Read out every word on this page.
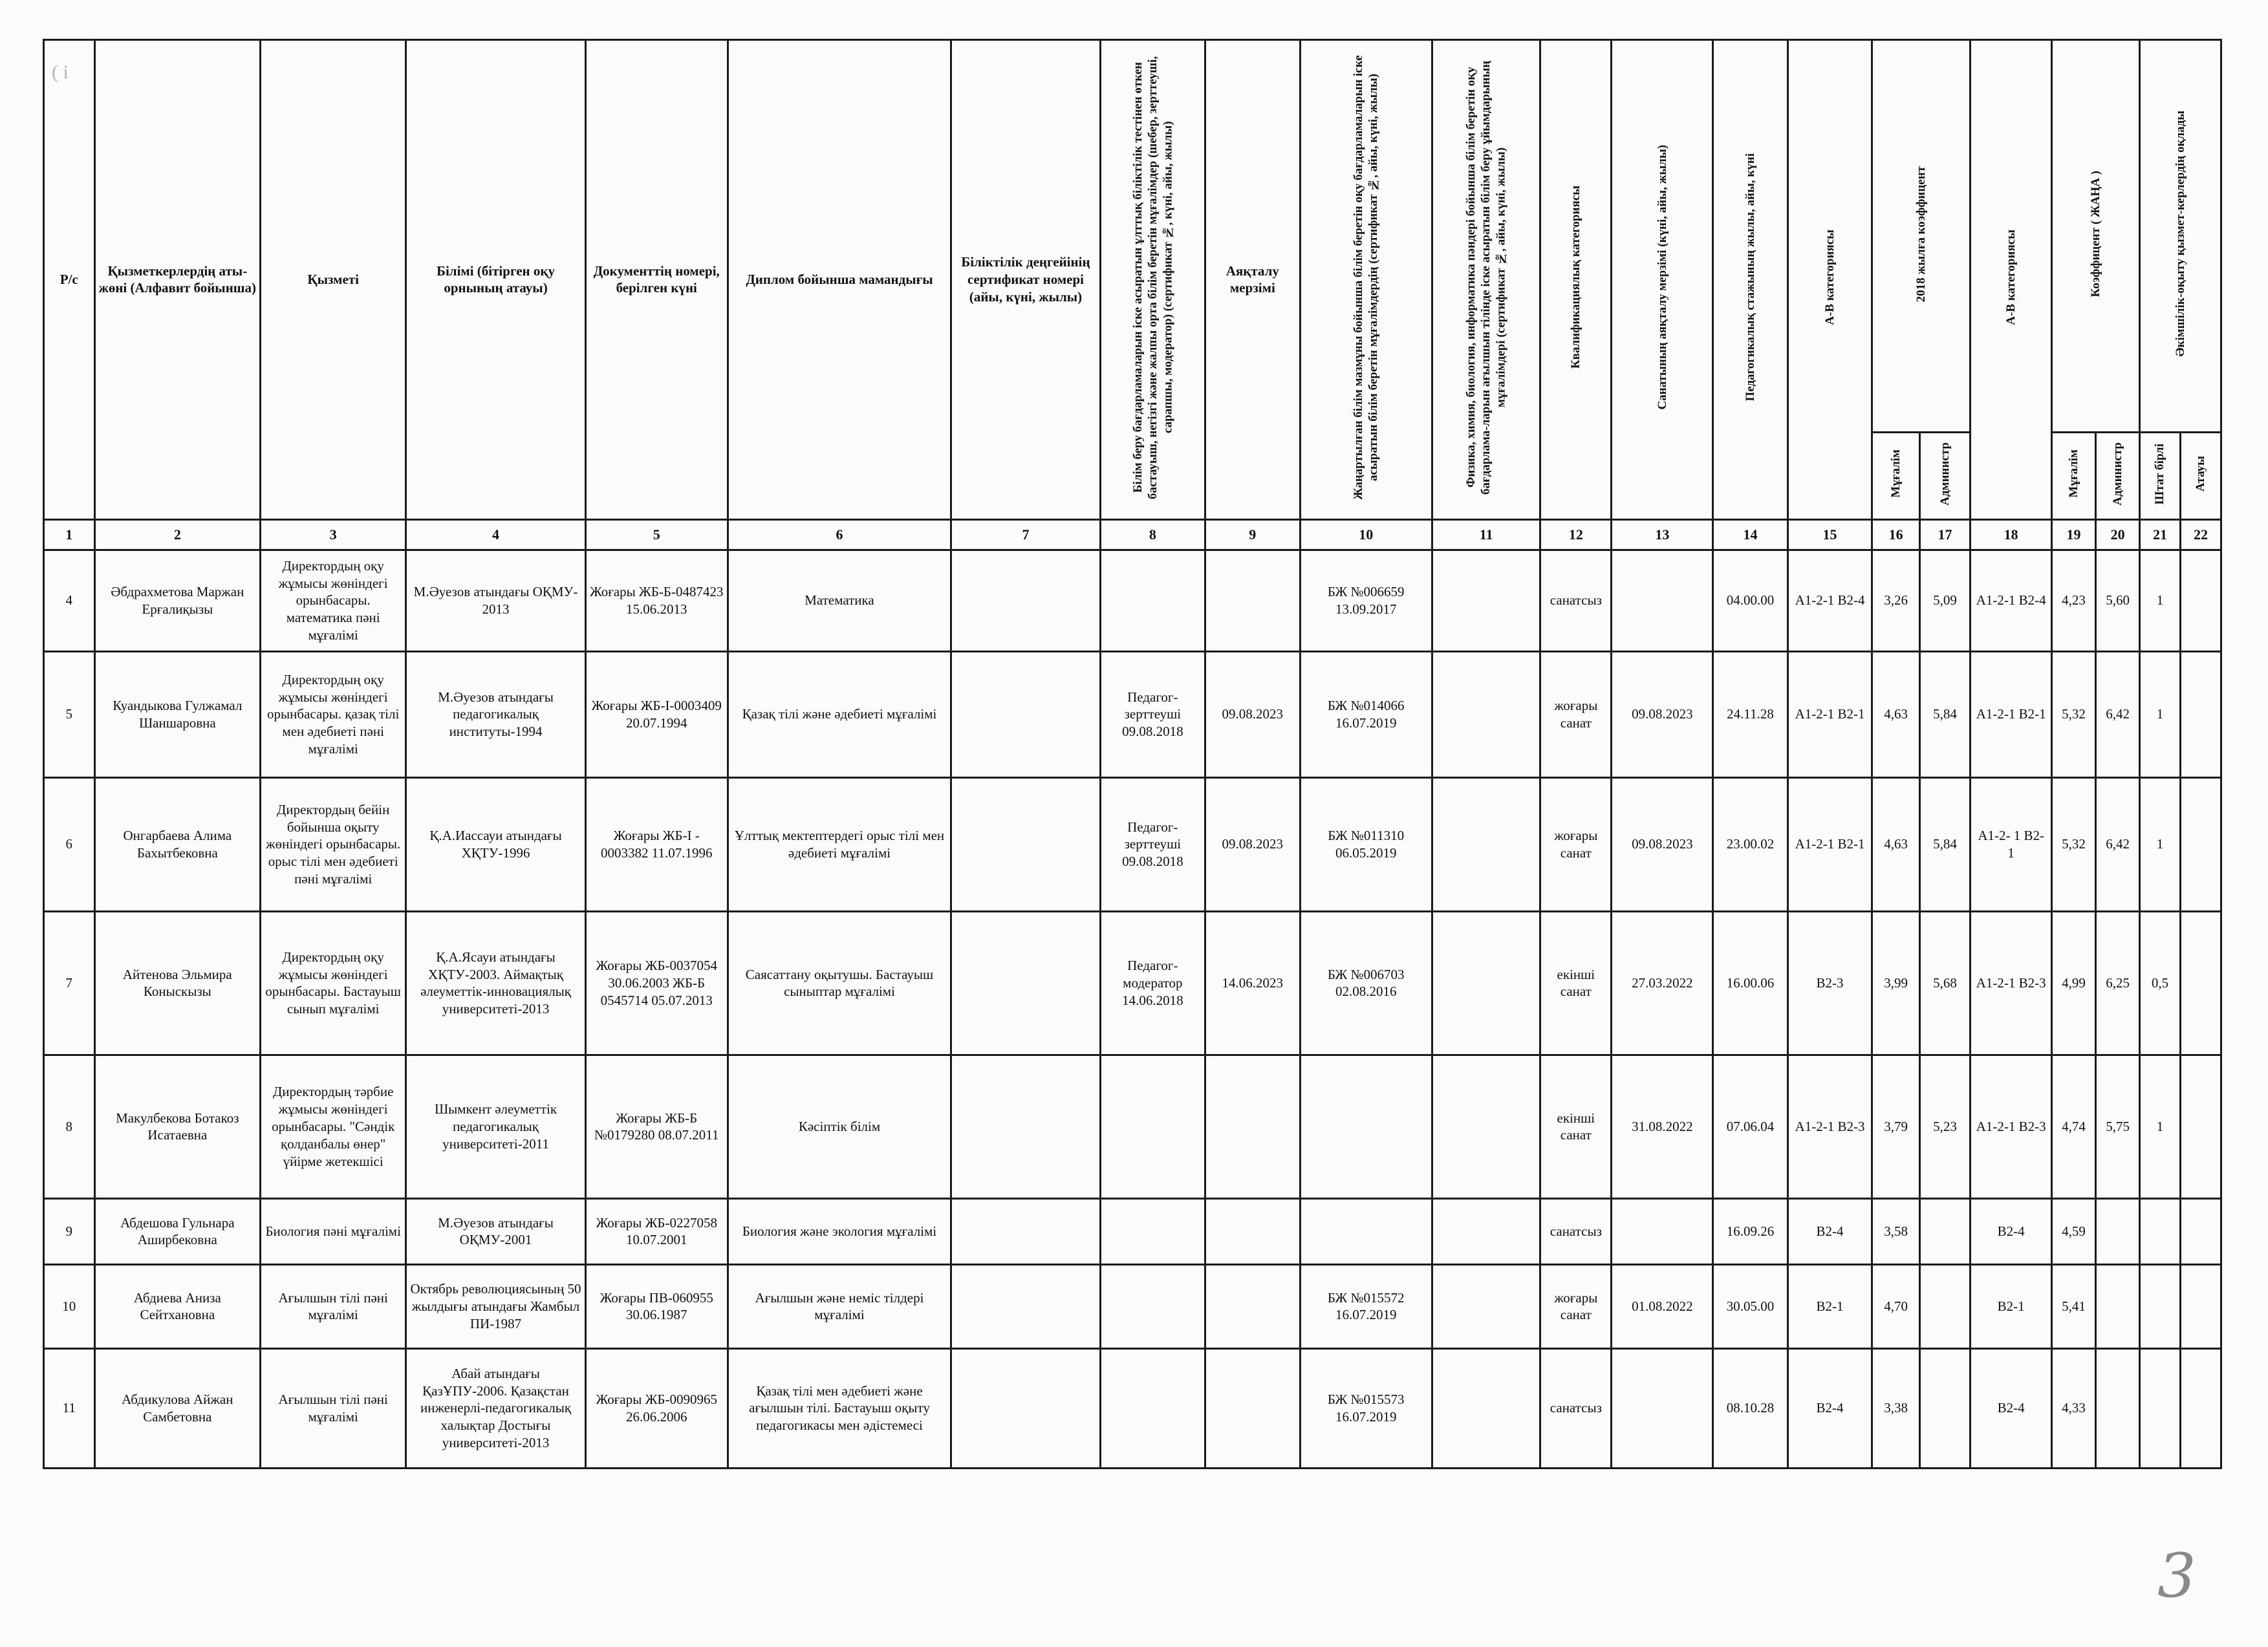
( i
Р/с	Қызметкерлердің аты-жөні (Алфавит бойынша)	Қызметі	Білімі (бітірген оқу орнының атауы)	Документтің номері, берілген күні	Диплом бойынша мамандығы	Біліктілік деңгейінің сертификат номері (айы, күні, жылы)	Білім беру бағдарламаларын іске асыратын ұлттық біліктілік тестінен өткен бастауыш, негізгі және жалпы орта білім беретін мұғалімдер (шебер, зерттеуші, сарапшы, модератор) (сертификат №, күні, айы, жылы)	Аяқталу мерзімі	Жаңартылған білім мазмұны бойынша білім беретін оқу бағдарламаларын іске асыратын білім беретін мұғалімдердің (сертификат №, айы, күні, жылы)	Физика, химия, биология, информатика пәндері бойынша білім беретін оқу бағдарлама-ларын ағылшын тілінде іске асыратын білім беру ұйымдарының мұғалімдері (сертификат №, айы, күні, жылы)	Квалификациялық категориясы	Санатының аяқталу мерзімі (күні, айы, жылы)	Педагогикалық стажының жылы, айы, күні	А-В категориясы	2018 жылға коэффицент		А-В категориясы	Коэффицент ( ЖАҢА )		Әкімшілік-оқыту қызмет-керлердің оқлады	
															Мұғалім	Администр		Мұғалім	Администр	Штат бірлі	Атауы
1	2	3	4	5	6	7	8	9	10	11	12	13	14	15	16	17	18	19	20	21	22
4	Әбдрахметова Маржан Ерғалиқызы	Директордың оқу жұмысы жөніндегі орынбасары. математика пәні мұғалімі	М.Әуезов атындағы ОҚМУ- 2013	Жоғары ЖБ-Б-0487423 15.06.2013	Математика				БЖ №006659 13.09.2017		санатсыз		04.00.00	А1-2-1 В2-4	3,26	5,09	А1-2-1 В2-4	4,23	5,60	1	
5	Куандыкова Гулжамал Шаншаровна	Директордың оқу жұмысы жөніндегі орынбасары. қазақ тілі мен әдебиеті пәні мұғалімі	М.Әуезов атындағы педагогикалық институты-1994	Жоғары ЖБ-І-0003409 20.07.1994	Қазақ тілі және әдебиеті мұғалімі		Педагог-зерттеуші 09.08.2018	09.08.2023	БЖ №014066 16.07.2019		жоғары санат	09.08.2023	24.11.28	А1-2-1 В2-1	4,63	5,84	А1-2-1 В2-1	5,32	6,42	1	
6	Онгарбаева Алима Бахытбековна	Директордың бейін бойынша оқыту жөніндегі орынбасары. орыс тілі мен әдебиеті пәні мұғалімі	Қ.А.Иассауи атындағы ХҚТУ-1996	Жоғары ЖБ-І - 0003382 11.07.1996	Ұлттық мектептердегі орыс тілі мен әдебиеті мұғалімі		Педагог-зерттеуші 09.08.2018	09.08.2023	БЖ №011310 06.05.2019		жоғары санат	09.08.2023	23.00.02	А1-2-1 В2-1	4,63	5,84	А1-2- 1 В2-1	5,32	6,42	1	
7	Айтенова Эльмира Коныскызы	Директордың оқу жұмысы жөніндегі орынбасары. Бастауыш сынып мұғалімі	Қ.А.Ясауи атындағы ХҚТУ-2003. Аймақтық әлеуметтік-инновациялық университеті-2013	Жоғары ЖБ-0037054 30.06.2003 ЖБ-Б 0545714 05.07.2013	Саясаттану оқытушы. Бастауыш сыныптар мұғалімі		Педагог-модератор 14.06.2018	14.06.2023	БЖ №006703 02.08.2016		екінші санат	27.03.2022	16.00.06	В2-3	3,99	5,68	А1-2-1 В2-3	4,99	6,25	0,5	
8	Макулбекова Ботакоз Исатаевна	Директордың тәрбие жұмысы жөніндегі орынбасары. "Сәндік қолданбалы өнер" үйірме жетекшісі	Шымкент әлеуметтік педагогикалық университеті-2011	Жоғары ЖБ-Б №0179280 08.07.2011	Кәсіптік білім						екінші санат	31.08.2022	07.06.04	А1-2-1 В2-3	3,79	5,23	А1-2-1 В2-3	4,74	5,75	1	
9	Абдешова Гульнара Аширбековна	Биология пәні мұғалімі	М.Әуезов атындағы ОҚМУ-2001	Жоғары ЖБ-0227058 10.07.2001	Биология және экология мұғалімі						санатсыз		16.09.26	В2-4	3,58		В2-4	4,59			
10	Абдиева Аниза Сейтхановна	Ағылшын тілі пәні мұғалімі	Октябрь революциясының 50 жылдығы атындағы Жамбыл ПИ-1987	Жоғары ПВ-060955 30.06.1987	Ағылшын және неміс тілдері мұғалімі				БЖ №015572 16.07.2019		жоғары санат	01.08.2022	30.05.00	В2-1	4,70		В2-1	5,41			
11	Абдикулова Айжан Самбетовна	Ағылшын тілі пәні мұғалімі	Абай атындағы ҚазҰПУ-2006. Қазақстан инженерлі-педагогикалық халықтар Достығы университеті-2013	Жоғары ЖБ-0090965 26.06.2006	Қазақ тілі мен әдебиеті және ағылшын тілі. Бастауыш оқыту педагогикасы мен әдістемесі				БЖ №015573 16.07.2019		санатсыз		08.10.28	В2-4	3,38		В2-4	4,33			
3
